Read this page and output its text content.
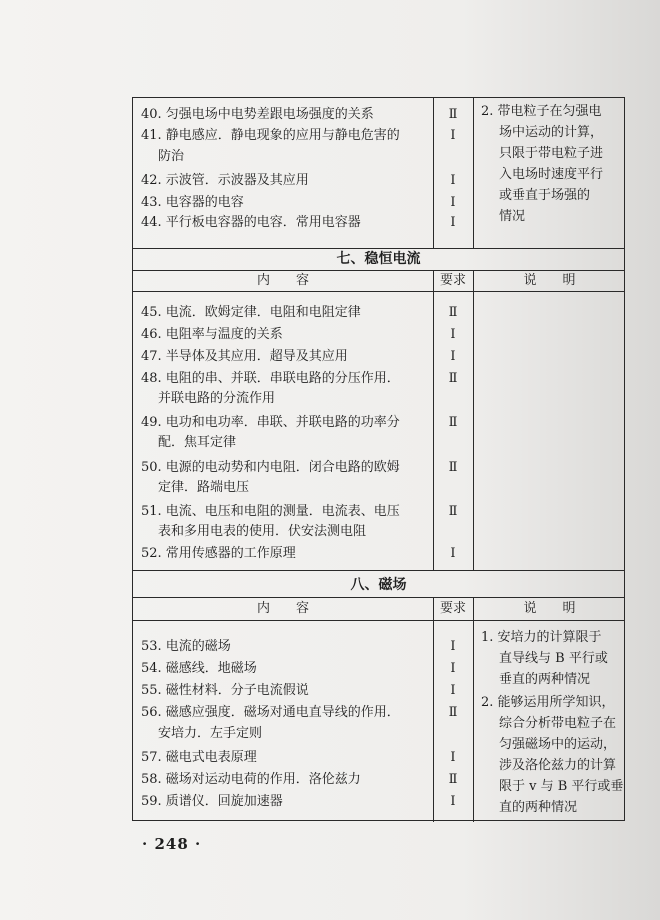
40. 匀强电场中电势差跟电场强度的关系	Ⅱ
41. 静电感应．静电现象的应用与静电危害的	Ⅰ
防治
42. 示波管．示波器及其应用	Ⅰ
43. 电容器的电容	Ⅰ
44. 平行板电容器的电容．常用电容器	Ⅰ
2. 带电粒子在匀强电
场中运动的计算，
只限于带电粒子进
入电场时速度平行
或垂直于场强的
情况
七、稳恒电流
内　　容	要求	说　　明
45. 电流．欧姆定律．电阻和电阻定律	Ⅱ
46. 电阻率与温度的关系	Ⅰ
47. 半导体及其应用．超导及其应用	Ⅰ
48. 电阻的串、并联．串联电路的分压作用．	Ⅱ
并联电路的分流作用
49. 电功和电功率．串联、并联电路的功率分	Ⅱ
配．焦耳定律
50. 电源的电动势和内电阻．闭合电路的欧姆	Ⅱ
定律．路端电压
51. 电流、电压和电阻的测量．电流表、电压	Ⅱ
表和多用电表的使用．伏安法测电阻
52. 常用传感器的工作原理	Ⅰ
八、磁场
内　　容	要求	说　　明
53. 电流的磁场	Ⅰ
54. 磁感线．地磁场	Ⅰ
55. 磁性材料．分子电流假说	Ⅰ
56. 磁感应强度．磁场对通电直导线的作用．	Ⅱ
安培力．左手定则
57. 磁电式电表原理	Ⅰ
58. 磁场对运动电荷的作用．洛伦兹力	Ⅱ
59. 质谱仪．回旋加速器	Ⅰ
1. 安培力的计算限于
直导线与 B 平行或
垂直的两种情况
2. 能够运用所学知识，
综合分析带电粒子在
匀强磁场中的运动，
涉及洛伦兹力的计算
限于 v 与 B 平行或垂
直的两种情况
· 248 ·
